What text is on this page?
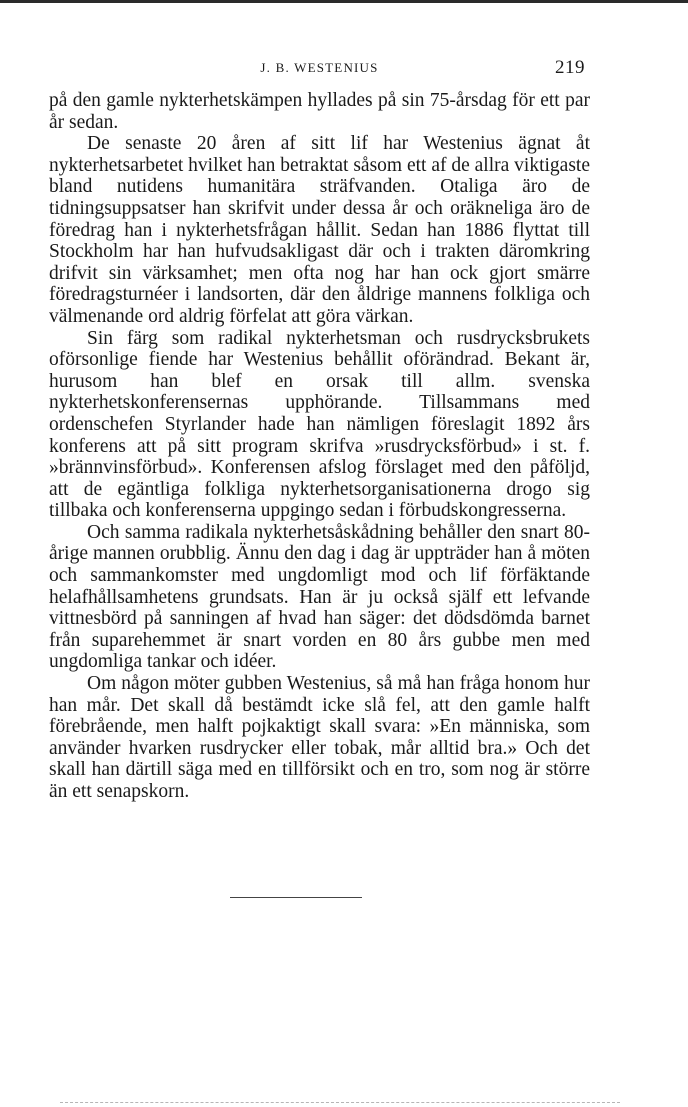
J. B. WESTENIUS	219

på den gamle nykterhetskämpen hyllades på sin 75-årsdag för ett par år sedan.

De senaste 20 åren af sitt lif har Westenius ägnat åt nykterhetsarbetet hvilket han betraktat såsom ett af de allra viktigaste bland nutidens humanitära sträfvanden. Otaliga äro de tidningsuppsatser han skrifvit under dessa år och oräkneliga äro de föredrag han i nykterhetsfrågan hållit. Sedan han 1886 flyttat till Stockholm har han hufvudsakligast där och i trakten däromkring drifvit sin värksamhet; men ofta nog har han ock gjort smärre föredragsturnéer i landsorten, där den åldrige mannens folkliga och välmenande ord aldrig förfelat att göra värkan.

Sin färg som radikal nykterhetsman och rusdrycksbrukets oförsonlige fiende har Westenius behållit oförändrad. Bekant är, hurusom han blef en orsak till allm. svenska nykterhetskonferensernas upphörande. Tillsammans med ordenschefen Styrlander hade han nämligen föreslagit 1892 års konferens att på sitt program skrifva »rusdrycksförbud» i st. f. »brännvinsförbud». Konferensen afslog förslaget med den påföljd, att de egäntliga folkliga nykterhetsorganisationerna drogo sig tillbaka och konferenserna uppgingo sedan i förbudskongresserna.

Och samma radikala nykterhetsåskådning behåller den snart 80-årige mannen orubblig. Ännu den dag i dag är uppträder han å möten och sammankomster med ungdomligt mod och lif förfäktande helafhållsamhetens grundsats. Han är ju också själf ett lefvande vittnesbörd på sanningen af hvad han säger: det dödsdömda barnet från suparehemmet är snart vorden en 80 års gubbe men med ungdomliga tankar och idéer.

Om någon möter gubben Westenius, så må han fråga honom hur han mår. Det skall då bestämdt icke slå fel, att den gamle halft förebrående, men halft pojkaktigt skall svara: »En människa, som använder hvarken rusdrycker eller tobak, mår alltid bra.» Och det skall han därtill säga med en tillförsikt och en tro, som nog är större än ett senapskorn.
